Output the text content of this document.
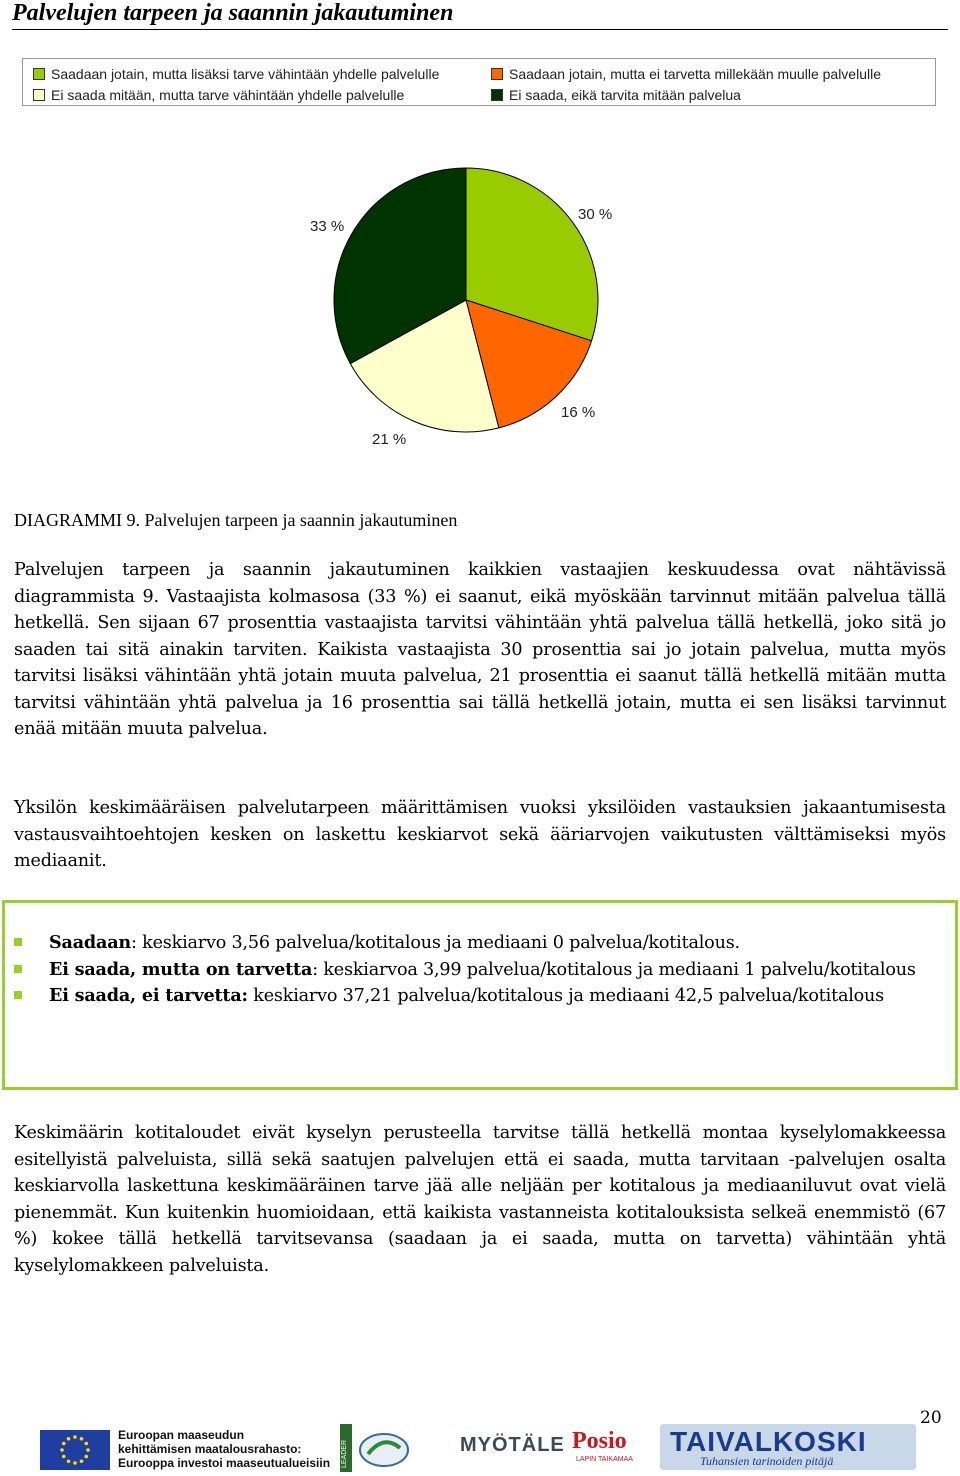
Palvelujen tarpeen ja saannin jakautuminen
Saadaan jotain, mutta lisäksi tarve vähintään yhdelle palvelulle	Saadaan jotain, mutta ei tarvetta millekään muulle palvelulle
Ei saada mitään, mutta tarve vähintään yhdelle palvelulle	Ei saada, eikä tarvita mitään palvelua
30 %
16 %
21 %
33 %
DIAGRAMMI 9. Palvelujen tarpeen ja saannin jakautuminen
Palvelujen tarpeen ja saannin jakautuminen kaikkien vastaajien keskuudessa ovat nähtävissä diagrammista 9. Vastaajista kolmasosa (33 %) ei saanut, eikä myöskään tarvinnut mitään palvelua tällä hetkellä. Sen sijaan 67 prosenttia vastaajista tarvitsi vähintään yhtä palvelua tällä hetkellä, joko sitä jo saaden tai sitä ainakin tarviten. Kaikista vastaajista 30 prosenttia sai jo jotain palvelua, mutta myös tarvitsi lisäksi vähintään yhtä jotain muuta palvelua, 21 prosenttia ei saanut tällä hetkellä mitään mutta tarvitsi vähintään yhtä palvelua ja 16 prosenttia sai tällä hetkellä jotain, mutta ei sen lisäksi tarvinnut enää mitään muuta palvelua.
Yksilön keskimääräisen palvelutarpeen määrittämisen vuoksi yksilöiden vastauksien jakaantumisesta vastausvaihtoehtojen kesken on laskettu keskiarvot sekä ääriarvojen vaikutusten välttämiseksi myös mediaanit.
Saadaan: keskiarvo 3,56 palvelua/kotitalous ja mediaani 0 palvelua/kotitalous.
Ei saada, mutta on tarvetta: keskiarvoa 3,99 palvelua/kotitalous ja mediaani 1 palvelu/kotitalous
Ei saada, ei tarvetta: keskiarvo 37,21 palvelua/kotitalous ja mediaani 42,5 palvelua/kotitalous
Keskimäärin kotitaloudet eivät kyselyn perusteella tarvitse tällä hetkellä montaa kyselylomakkeessa esitellyistä palveluista, sillä sekä saatujen palvelujen että ei saada, mutta tarvitaan -palvelujen osalta keskiarvolla laskettuna keskimääräinen tarve jää alle neljään per kotitalous ja mediaaniluvut ovat vielä pienemmät. Kun kuitenkin huomioidaan, että kaikista vastanneista kotitalouksista selkeä enemmistö (67 %) kokee tällä hetkellä tarvitsevansa (saadaan ja ei saada, mutta on tarvetta) vähintään yhtä kyselylomakkeen palveluista.
20
Euroopan maaseudun
kehittämisen maatalousrahasto:
Eurooppa investoi maaseutualueisiin LEADER	MYÖTÄLE Posio
LAPIN TAIKAMAA
TAIVALKOSKI
Tuhansien tarinoiden pitäjä
